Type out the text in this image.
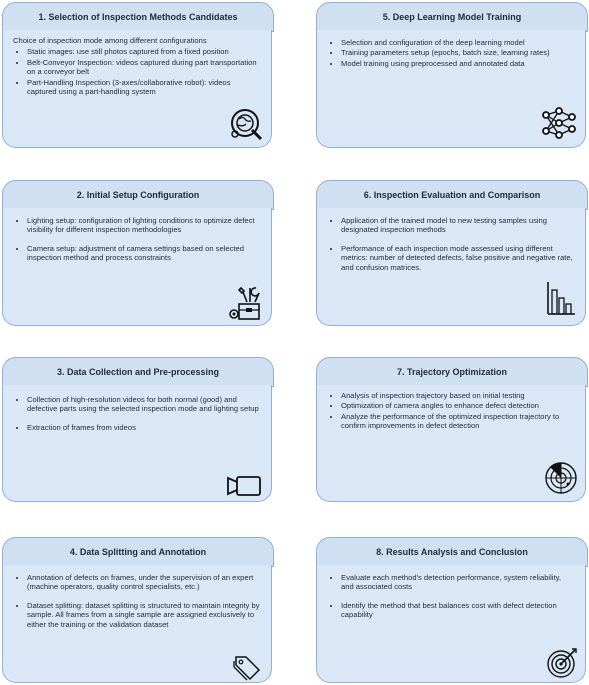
1. Selection of Inspection Methods Candidates

Choice of inspection mode among different configurations

• Static images: use still photos captured from a fixed position
• Belt-Conveyor Inspection: videos captured during part transportation on a conveyor belt
• Part-Handling Inspection (3-axes/collaborative robot): videos captured using a part-handling system
5. Deep Learning Model Training
• Selection and configuration of the deep learning model
• Training parameters setup (epochs, batch size, learning rates)
• Model training using preprocessed and annotated data
2. Initial Setup Configuration
• Lighting setup: configuration of lighting conditions to optimize defect visibility for different inspection methodologies
• Camera setup: adjustment of camera settings based on selected inspection method and process constraints
6. Inspection Evaluation and Comparison
• Application of the trained model to new testing samples using designated inspection methods
• Performance of each inspection mode assessed using different metrics: number of detected defects, false positive and negative rate, and confusion matrices.
3. Data Collection and Pre-processing
• Collection of high-resolution videos for both normal (good) and defective parts using the selected inspection mode and lighting setup
• Extraction of frames from videos
7. Trajectory Optimization
• Analysis of inspection trajectory based on initial testing
• Optimization of camera angles to enhance defect detection
• Analyze the performance of the optimized inspection trajectory to confirm improvements in defect detection
4. Data Splitting and Annotation
• Annotation of defects on frames, under the supervision of an expert (machine operators, quality control specialists, etc.)
• Dataset splitting: dataset splitting is structured to maintain integrity by sample. All frames from a single sample are assigned exclusively to either the training or the validation dataset
8. Results Analysis and Conclusion
• Evaluate each method's detection performance, system reliability, and associated costs
• Identify the method that best balances cost with defect detection capability
